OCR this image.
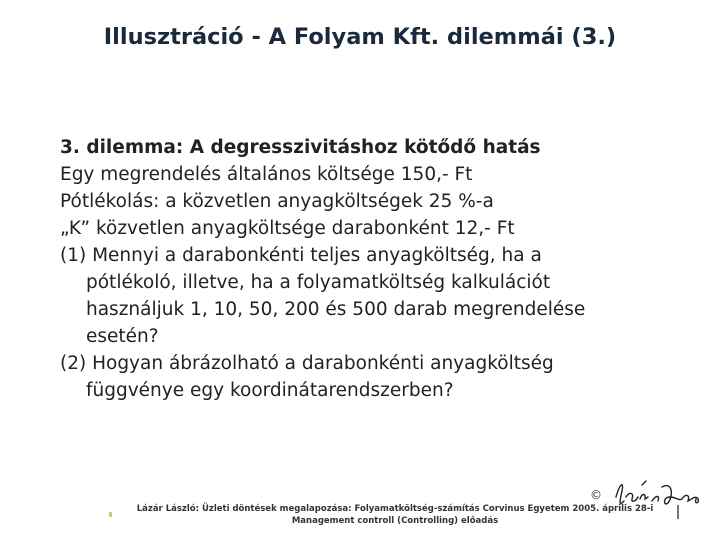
Illusztráció - A Folyam Kft. dilemmái (3.)
3. dilemma: A degresszivitáshoz kötődő hatás
Egy megrendelés általános költsége 150,- Ft
Pótlékolás: a közvetlen anyagköltségek 25 %-a
„K” közvetlen anyagköltsége darabonként 12,- Ft
(1) Mennyi a darabonkénti teljes anyagköltség, ha a
pótlékoló, illetve, ha a folyamatköltség kalkulációt
használjuk 1, 10, 50, 200 és 500 darab megrendelése
esetén?
(2) Hogyan ábrázolható a darabonkénti anyagköltség
függvénye egy koordinátarendszerben?
©
Lázár László: Üzleti döntések megalapozása: Folyamatköltség-számítás Corvinus Egyetem 2005. április 28-i
Management controll (Controlling) előadás
